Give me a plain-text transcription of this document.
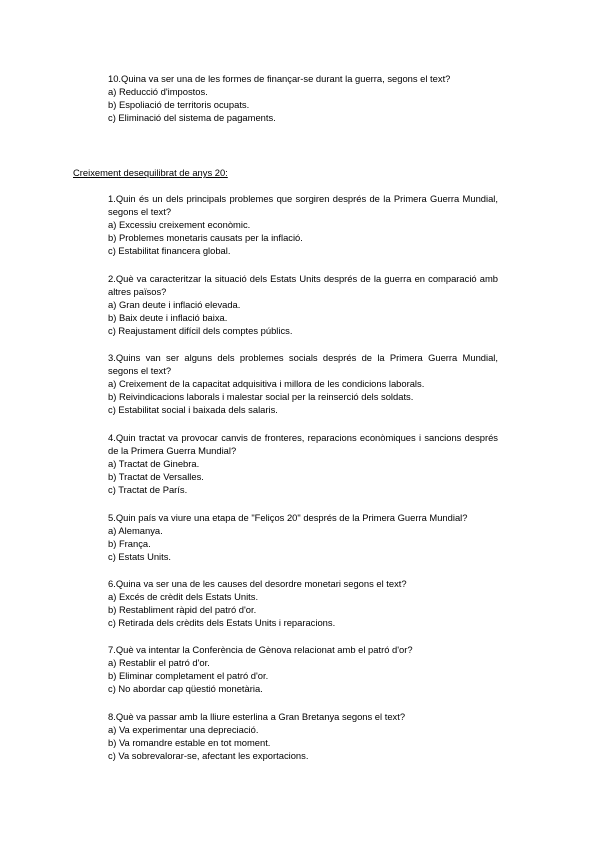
10.Quina va ser una de les formes de finançar-se durant la guerra, segons el text?
a) Reducció d'impostos.
b) Espoliació de territoris ocupats.
c) Eliminació del sistema de pagaments.
Creixement desequilibrat de anys 20:
1.Quin és un dels principals problemes que sorgiren després de la Primera Guerra Mundial, segons el text?
a) Excessiu creixement econòmic.
b) Problemes monetaris causats per la inflació.
c) Estabilitat financera global.
2.Què va caracteritzar la situació dels Estats Units després de la guerra en comparació amb altres països?
a) Gran deute i inflació elevada.
b) Baix deute i inflació baixa.
c) Reajustament difícil dels comptes públics.
3.Quins van ser alguns dels problemes socials després de la Primera Guerra Mundial, segons el text?
a) Creixement de la capacitat adquisitiva i millora de les condicions laborals.
b) Reivindicacions laborals i malestar social per la reinserció dels soldats.
c) Estabilitat social i baixada dels salaris.
4.Quin tractat va provocar canvis de fronteres, reparacions econòmiques i sancions després de la Primera Guerra Mundial?
a) Tractat de Ginebra.
b) Tractat de Versalles.
c) Tractat de París.
5.Quin país va viure una etapa de "Feliços 20" després de la Primera Guerra Mundial?
a) Alemanya.
b) França.
c) Estats Units.
6.Quina va ser una de les causes del desordre monetari segons el text?
a) Excés de crèdit dels Estats Units.
b) Restabliment ràpid del patró d'or.
c) Retirada dels crèdits dels Estats Units i reparacions.
7.Què va intentar la Conferència de Gènova relacionat amb el patró d'or?
a) Restablir el patró d'or.
b) Eliminar completament el patró d'or.
c) No abordar cap qüestió monetària.
8.Què va passar amb la lliure esterlina a Gran Bretanya segons el text?
a) Va experimentar una depreciació.
b) Va romandre estable en tot moment.
c) Va sobrevalorar-se, afectant les exportacions.
